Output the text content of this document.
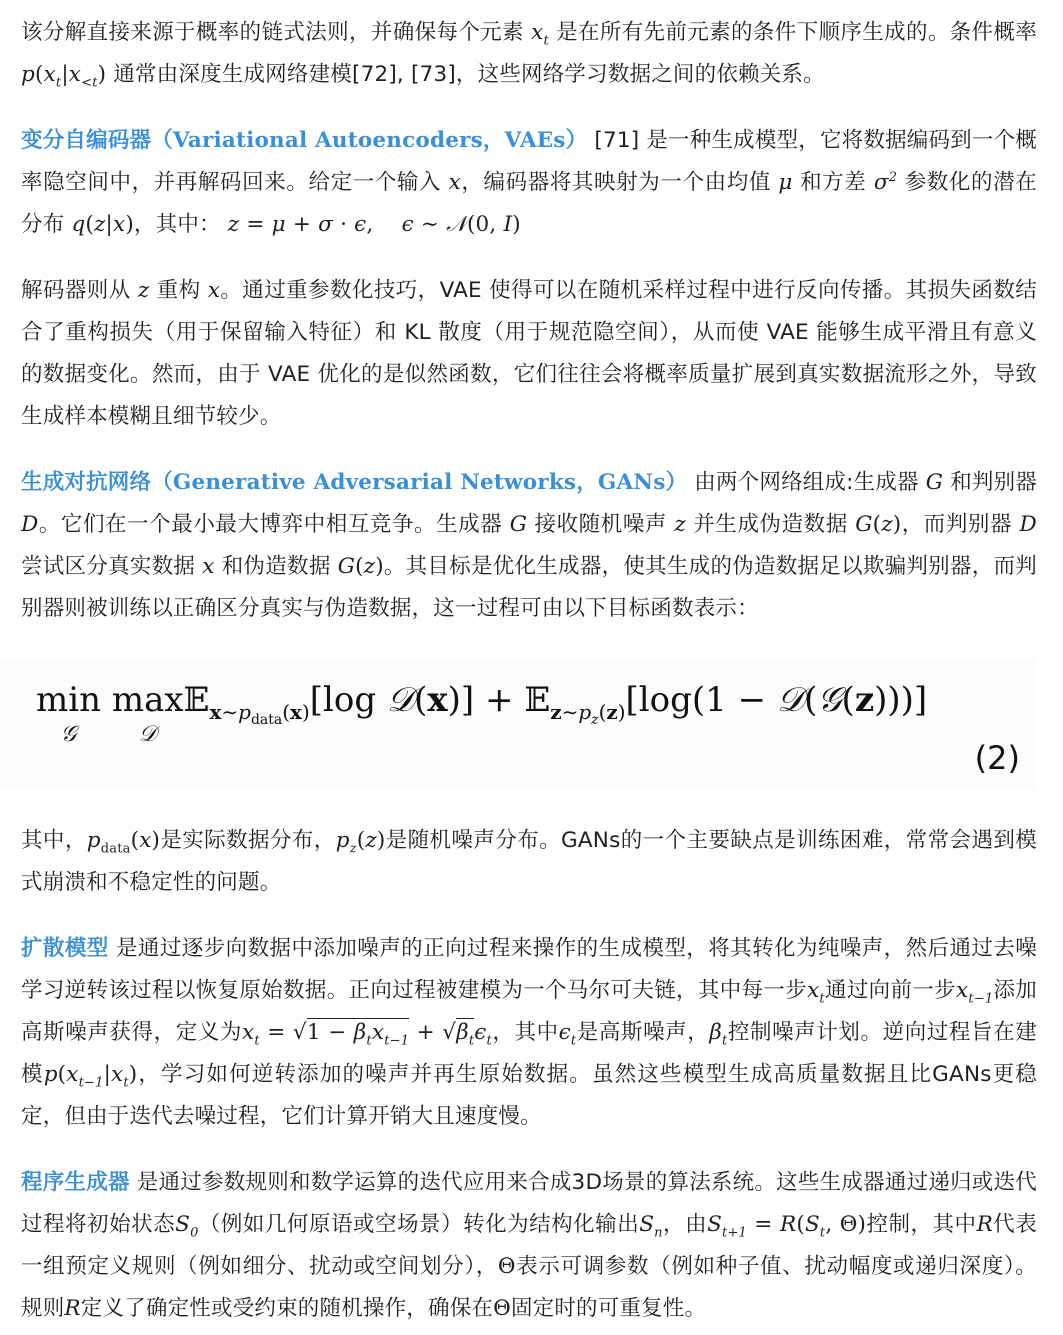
该分解直接来源于概率的链式法则，并确保每个元素 $x_t$ 是在所有先前元素的条件下顺序生成的。条件概率$p(x_t|x_{<t})$ 通常由深度生成网络建模[72], [73]，这些网络学习数据之间的依赖关系。

变分自编码器（Variational Autoencoders，VAEs） [71] 是一种生成模型，它将数据编码到一个概率隐空间中，并再解码回来。给定一个输入 x，编码器将其映射为一个由均值 μ 和方差 $\sigma^2$ 参数化的潜在分布 q(z|x)，其中： z = μ + σ · ϵ, ϵ ∼ 𝒩(0, I)

解码器则从 z 重构 x。通过重参数化技巧，VAE 使得可以在随机采样过程中进行反向传播。其损失函数结合了重构损失（用于保留输入特征）和 KL 散度（用于规范隐空间），从而使 VAE 能够生成平滑且有意义的数据变化。然而，由于 VAE 优化的是似然函数，它们往往会将概率质量扩展到真实数据流形之外，导致生成样本模糊且细节较少。

生成对抗网络（Generative Adversarial Networks，GANs） 由两个网络组成:生成器 G 和判别器 D。它们在一个最小最大博弈中相互竞争。生成器 G 接收随机噪声 z 并生成伪造数据 G(z)，而判别器 D 尝试区分真实数据 x 和伪造数据 G(z)。其目标是优化生成器，使其生成的伪造数据足以欺骗判别器，而判别器则被训练以正确区分真实与伪造数据，这一过程可由以下目标函数表示：

min
𝒢
max
𝒟
𝔼$_{x\sim p_{data}(x)}$[log 𝒟(x)] + 𝔼$_{z\sim p_z(z)}$[log(1 − 𝒟(𝒢(z)))]
(2)

其中，$p_{data}(x)$是实际数据分布，$p_z(z)$是随机噪声分布。GANs的一个主要缺点是训练困难，常常会遇到模式崩溃和不稳定性的问题。

扩散模型 是通过逐步向数据中添加噪声的正向过程来操作的生成模型，将其转化为纯噪声，然后通过去噪学习逆转该过程以恢复原始数据。正向过程被建模为一个马尔可夫链，其中每一步$x_t$通过向前一步$x_{t-1}$添加高斯噪声获得，定义为$x_t = √1 - \beta_tx_{t-1} + √\beta_t\epsilon_t$，其中$\epsilon_t$是高斯噪声，$\beta_t$控制噪声计划。逆向过程旨在建模$p(x_{t-1}|x_t)$，学习如何逆转添加的噪声并再生原始数据。虽然这些模型生成高质量数据且比GANs更稳定，但由于迭代去噪过程，它们计算开销大且速度慢。

程序生成器 是通过参数规则和数学运算的迭代应用来合成3D场景的算法系统。这些生成器通过递归或迭代过程将初始状态$S_0$（例如几何原语或空场景）转化为结构化输出$S_n$，由$S_{t+1} = R(S_t$, Θ)控制，其中R代表一组预定义规则（例如细分、扰动或空间划分），Θ表示可调参数（例如种子值、扰动幅度或递归深度）。规则R定义了确定性或受约束的随机操作，确保在Θ固定时的可重复性。
